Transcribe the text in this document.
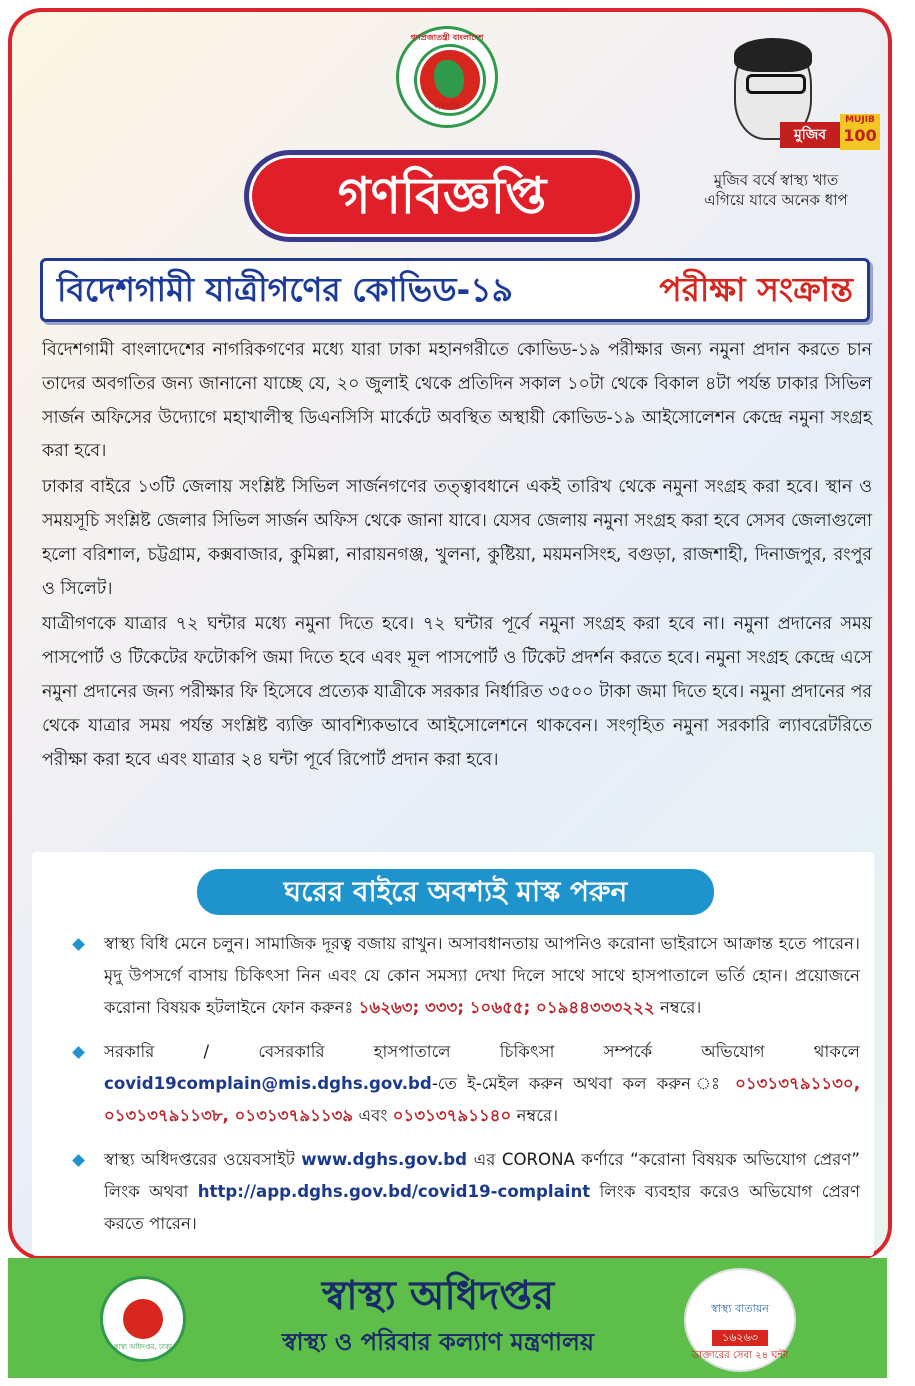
গণপ্রজাতন্ত্রী বাংলাদেশ
সরকার
মুজিব
MUJIB
100
মুজিব বর্ষে স্বাস্থ্য খাত
এগিয়ে যাবে অনেক ধাপ
গণবিজ্ঞপ্তি
বিদেশগামী যাত্রীগণের কোভিড-১৯	পরীক্ষা সংক্রান্ত

বিদেশগামী বাংলাদেশের নাগরিকগণের মধ্যে যারা ঢাকা মহানগরীতে কোভিড-১৯ পরীক্ষার জন্য নমুনা প্রদান করতে চান তাদের অবগতির জন্য জানানো যাচ্ছে যে, ২০ জুলাই থেকে প্রতিদিন সকাল ১০টা থেকে বিকাল ৪টা পর্যন্ত ঢাকার সিভিল সার্জন অফিসের উদ্যোগে মহাখালীস্থ ডিএনসিসি মার্কেটে অবস্থিত অস্থায়ী কোভিড-১৯ আইসোলেশন কেন্দ্রে নমুনা সংগ্রহ করা হবে।

ঢাকার বাইরে ১৩টি জেলায় সংশ্লিষ্ট সিভিল সার্জনগণের তত্ত্বাবধানে একই তারিখ থেকে নমুনা সংগ্রহ করা হবে। স্থান ও সময়সূচি সংশ্লিষ্ট জেলার সিভিল সার্জন অফিস থেকে জানা যাবে। যেসব জেলায় নমুনা সংগ্রহ করা হবে সেসব জেলাগুলো হলো বরিশাল, চট্টগ্রাম, কক্সবাজার, কুমিল্লা, নারায়নগঞ্জ, খুলনা, কুষ্টিয়া, ময়মনসিংহ, বগুড়া, রাজশাহী, দিনাজপুর, রংপুর ও সিলেট।

যাত্রীগণকে যাত্রার ৭২ ঘন্টার মধ্যে নমুনা দিতে হবে। ৭২ ঘন্টার পূর্বে নমুনা সংগ্রহ করা হবে না। নমুনা প্রদানের সময় পাসপোর্ট ও টিকেটের ফটোকপি জমা দিতে হবে এবং মূল পাসপোর্ট ও টিকেট প্রদর্শন করতে হবে। নমুনা সংগ্রহ কেন্দ্রে এসে নমুনা প্রদানের জন্য পরীক্ষার ফি হিসেবে প্রত্যেক যাত্রীকে সরকার নির্ধারিত ৩৫০০ টাকা জমা দিতে হবে। নমুনা প্রদানের পর থেকে যাত্রার সময় পর্যন্ত সংশ্লিষ্ট ব্যক্তি আবশ্যিকভাবে আইসোলেশনে থাকবেন। সংগৃহিত নমুনা সরকারি ল্যাবরেটরিতে পরীক্ষা করা হবে এবং যাত্রার ২৪ ঘন্টা পূর্বে রিপোর্ট প্রদান করা হবে।

ঘরের বাইরে অবশ্যই মাস্ক পরুন
স্বাস্থ্য বিধি মেনে চলুন। সামাজিক দূরত্ব বজায় রাখুন। অসাবধানতায় আপনিও করোনা ভাইরাসে আক্রান্ত হতে পারেন। মৃদু উপসর্গে বাসায় চিকিৎসা নিন এবং যে কোন সমস্যা দেখা দিলে সাথে সাথে হাসপাতালে ভর্তি হোন। প্রয়োজনে করোনা বিষয়ক হটলাইনে ফোন করুনঃ ১৬২৬৩; ৩৩৩; ১০৬৫৫; ০১৯৪৪৩৩৩২২২ নম্বরে।
সরকারি / বেসরকারি হাসপাতালে চিকিৎসা সম্পর্কে অভিযোগ থাকলে covid19complain@mis.dghs.gov.bd-তে ই-মেইল করুন অথবা কল করুন ঃ ০১৩১৩৭৯১১৩০, ০১৩১৩৭৯১১৩৮, ০১৩১৩৭৯১১৩৯ এবং ০১৩১৩৭৯১১৪০ নম্বরে।
স্বাস্থ্য অধিদপ্তরের ওয়েবসাইট www.dghs.gov.bd এর CORONA কর্ণারে “করোনা বিষয়ক অভিযোগ প্রেরণ” লিংক অথবা http://app.dghs.gov.bd/covid19-complaint লিংক ব্যবহার করেও অভিযোগ প্রেরণ করতে পারেন।
স্বাস্থ্য অধিদপ্তর, ঢাকা
স্বাস্থ্য অধিদপ্তর
স্বাস্থ্য ও পরিবার কল্যাণ মন্ত্রণালয়
স্বাস্থ্য বাতায়ন
১৬২৬৩
ডাক্তারের সেবা ২৪ ঘন্টা
